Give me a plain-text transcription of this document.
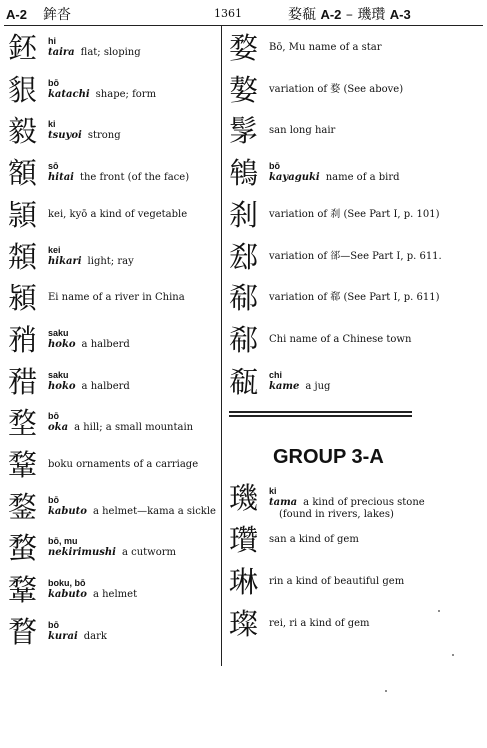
A-2 鉾沓	1361	婺瓻 A-2 – 璣瓚 A-3
鉟 hi
taira flat; sloping
貇 bō
katachi shape; form
毅 ki
tsuyoi strong
額 sō
hitai the front (of the face)
頴 kei, kyō a kind of vegetable
頮 kei
hikari light; ray
潁 Ei name of a river in China
矟 saku
hoko a halberd
矠 saku
hoko a halberd
堥 bō
oka a hill; a small mountain
鞪 boku ornaments of a carriage
鍪 bō
kabuto a helmet—kama a sickle
蝥 bō, mu
nekirimushi a cutworm
鞪 boku, bō
kabuto a helmet
瞀 bō
kurai dark
婺 Bō, Mu name of a star
嫯 variation of 婺 (See above)
髳 san long hair
鴾 bō
kayaguki name of a bird
刹 variation of 刹 (See Part I, p. 101)
郄 variation of 郤—See Part I, p. 611.
郗 variation of 郗 (See Part I, p. 611)
郗 Chi name of a Chinese town
瓻 chi
kame a jug
GROUP 3-A
璣 ki
tama a kind of precious stone
(found in rivers, lakes)
瓚 san a kind of gem
琳 rin a kind of beautiful gem
璨 rei, ri a kind of gem
